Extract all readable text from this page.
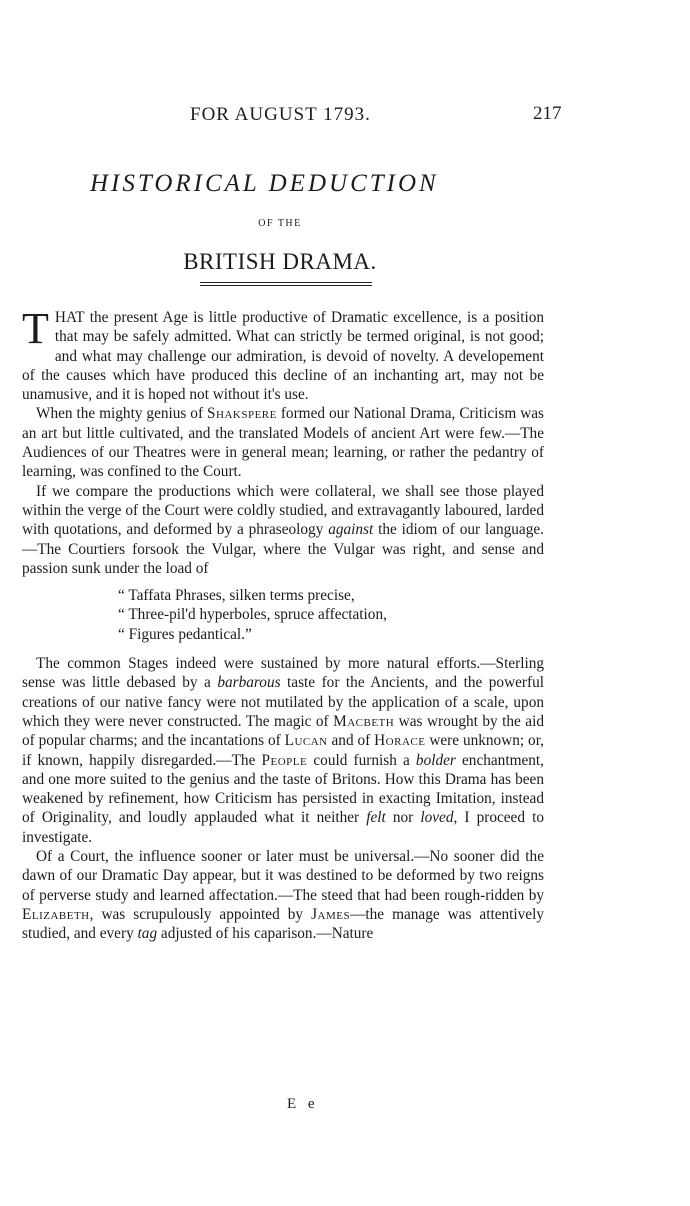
FOR AUGUST 1793.	217
HISTORICAL DEDUCTION
OF THE
BRITISH DRAMA.

THAT the present Age is little productive of Dramatic excellence, is a position that may be safely admitted. What can strictly be termed original, is not good; and what may challenge our admiration, is devoid of novelty. A developement of the causes which have produced this decline of an inchanting art, may not be unamusive, and it is hoped not without it's use.

When the mighty genius of Shakspere formed our National Drama, Criticism was an art but little cultivated, and the translated Models of ancient Art were few.—The Audiences of our Theatres were in general mean; learning, or rather the pedantry of learning, was confined to the Court.

If we compare the productions which were collateral, we shall see those played within the verge of the Court were coldly studied, and extravagantly laboured, larded with quotations, and deformed by a phraseology against the idiom of our language.—The Courtiers forsook the Vulgar, where the Vulgar was right, and sense and passion sunk under the load of

“ Taffata Phrases, silken terms precise,
“ Three-pil'd hyperboles, spruce affectation,
“ Figures pedantical.”

The common Stages indeed were sustained by more natural efforts.—Sterling sense was little debased by a barbarous taste for the Ancients, and the powerful creations of our native fancy were not mutilated by the application of a scale, upon which they were never constructed. The magic of Macbeth was wrought by the aid of popular charms; and the incantations of Lucan and of Horace were unknown; or, if known, happily disregarded.—The People could furnish a bolder enchantment, and one more suited to the genius and the taste of Britons. How this Drama has been weakened by refinement, how Criticism has persisted in exacting Imitation, instead of Originality, and loudly applauded what it neither felt nor loved, I proceed to investigate.

Of a Court, the influence sooner or later must be universal.—No sooner did the dawn of our Dramatic Day appear, but it was destined to be deformed by two reigns of perverse study and learned affectation.—The steed that had been rough-ridden by Elizabeth, was scrupulously appointed by James—the manage was attentively studied, and every tag adjusted of his caparison.—Nature

E e
